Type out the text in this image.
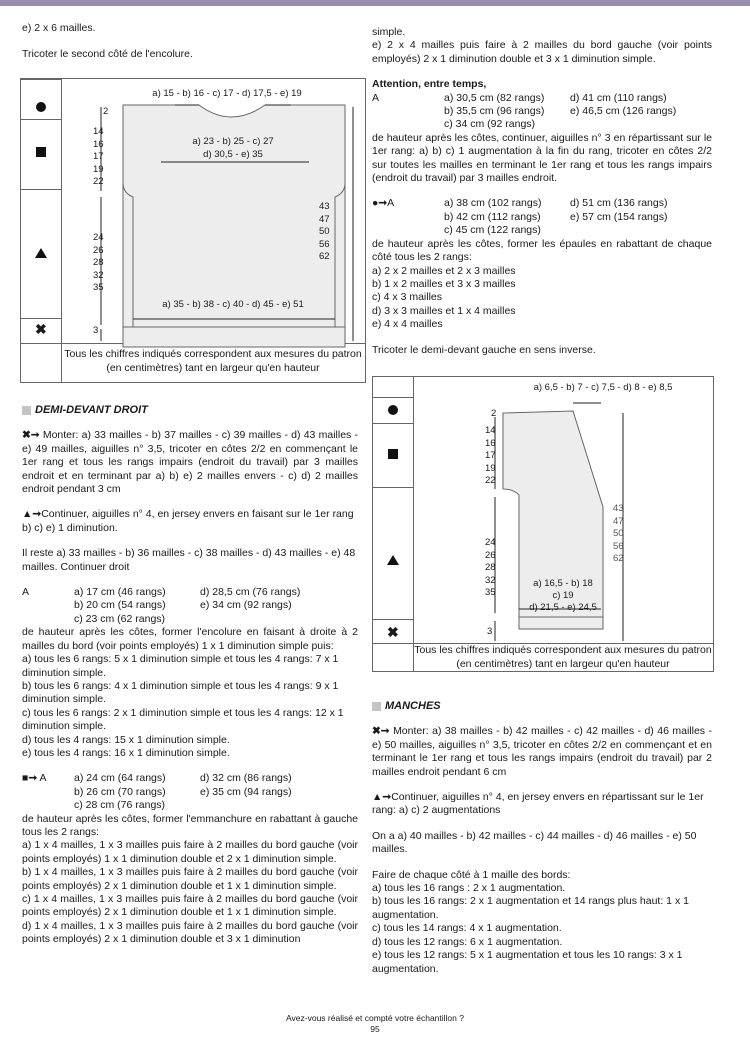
e) 2 x 6 mailles.

Tricoter le second côté de l'encolure.

a) 15 - b) 16 - c) 17 - d) 17,5 - e) 19
2
a) 23 - b) 25 - c) 27
d) 30,5 - e) 35
14
16
17
19
22
24
26
28
32
35
43
47
50
56
62
a) 35 - b) 38 - c) 40 - d) 45 - e) 51
3
✖
Tous les chiffres indiqués correspondent aux mesures du patron (en centimètres) tant en largeur qu'en hauteur
DEMI-DEVANT DROIT

✖➞ Monter: a) 33 mailles - b) 37 mailles - c) 39 mailles - d) 43 mailles - e) 49 mailles, aiguilles n° 3,5, tricoter en côtes 2/2 en commençant le 1er rang et tous les rangs impairs (endroit du travail) par 3 mailles endroit et en terminant par a) b) e) 2 mailles envers - c) d) 2 mailles endroit pendant 3 cm

▲➞Continuer, aiguilles n° 4, en jersey envers en faisant sur le 1er rang b) c) e) 1 diminution.

Il reste a) 33 mailles - b) 36 mailles - c) 38 mailles - d) 43 mailles - e) 48 mailles. Continuer droit

A	a) 17 cm (46 rangs)	d) 28,5 cm (76 rangs)
b) 20 cm (54 rangs)	e) 34 cm (92 rangs)
c) 23 cm (62 rangs)

de hauteur après les côtes, former l'encolure en faisant à droite à 2 mailles du bord (voir points employés) 1 x 1 diminution simple puis:

a) tous les 6 rangs: 5 x 1 diminution simple et tous les 4 rangs: 7 x 1 diminution simple.

b) tous les 6 rangs: 4 x 1 diminution simple et tous les 4 rangs: 9 x 1 diminution simple.

c) tous les 6 rangs: 2 x 1 diminution simple et tous les 4 rangs: 12 x 1 diminution simple.

d) tous les 4 rangs: 15 x 1 diminution simple.

e) tous les 4 rangs: 16 x 1 diminution simple.

■➞ A	a) 24 cm (64 rangs)	d) 32 cm (86 rangs)
b) 26 cm (70 rangs)	e) 35 cm (94 rangs)
c) 28 cm (76 rangs)

de hauteur après les côtes, former l'emmanchure en rabattant à gauche tous les 2 rangs:

a) 1 x 4 mailles, 1 x 3 mailles puis faire à 2 mailles du bord gauche (voir points employés) 1 x 1 diminution double et 2 x 1 diminution simple.

b) 1 x 4 mailles, 1 x 3 mailles puis faire à 2 mailles du bord gauche (voir points employés) 2 x 1 diminution double et 1 x 1 diminution simple.

c) 1 x 4 mailles, 1 x 3 mailles puis faire à 2 mailles du bord gauche (voir points employés) 2 x 1 diminution double et 1 x 1 diminution simple.

d) 1 x 4 mailles, 1 x 3 mailles puis faire à 2 mailles du bord gauche (voir points employés) 2 x 1 diminution double et 3 x 1 diminution

simple.

e) 2 x 4 mailles puis faire à 2 mailles du bord gauche (voir points employés) 2 x 1 diminution double et 3 x 1 diminution simple.

Attention, entre temps,

A	a) 30,5 cm (82 rangs)	d) 41 cm (110 rangs)
b) 35,5 cm (96 rangs)	e) 46,5 cm (126 rangs)
c) 34 cm (92 rangs)

de hauteur après les côtes, continuer, aiguilles n° 3 en répartissant sur le 1er rang: a) b) c) 1 augmentation à la fin du rang, tricoter en côtes 2/2 sur toutes les mailles en terminant le 1er rang et tous les rangs impairs (endroit du travail) par 3 mailles endroit.

●➞A	a) 38 cm (102 rangs)	d) 51 cm (136 rangs)
b) 42 cm (112 rangs)	e) 57 cm (154 rangs)
c) 45 cm (122 rangs)

de hauteur après les côtes, former les épaules en rabattant de chaque côté tous les 2 rangs:

a) 2 x 2 mailles et 2 x 3 mailles

b) 1 x 2 mailles et 3 x 3 mailles

c) 4 x 3 mailles

d) 3 x 3 mailles et 1 x 4 mailles

e) 4 x 4 mailles

Tricoter le demi-devant gauche en sens inverse.

a) 6,5 - b) 7 - c) 7,5 - d) 8 - e) 8,5
2
14
16
17
19
22
24
26
28
32
35
43
47
50
56
62
a) 16,5 - b) 18
c) 19
d) 21,5 - e) 24,5
3
✖
Tous les chiffres indiqués correspondent aux mesures du patron (en centimètres) tant en largeur qu'en hauteur
MANCHES

✖➞ Monter: a) 38 mailles - b) 42 mailles - c) 42 mailles - d) 46 mailles - e) 50 mailles, aiguilles n° 3,5, tricoter en côtes 2/2 en commençant et en terminant le 1er rang et tous les rangs impairs (endroit du travail) par 2 mailles endroit pendant 6 cm

▲➞Continuer, aiguilles n° 4, en jersey envers en répartissant sur le 1er rang: a) c) 2 augmentations

On a a) 40 mailles - b) 42 mailles - c) 44 mailles - d) 46 mailles - e) 50 mailles.

Faire de chaque côté à 1 maille des bords:

a) tous les 16 rangs : 2 x 1 augmentation.

b) tous les 16 rangs: 2 x 1 augmentation et 14 rangs plus haut: 1 x 1 augmentation.

c) tous les 14 rangs: 4 x 1 augmentation.

d) tous les 12 rangs: 6 x 1 augmentation.

e) tous les 12 rangs: 5 x 1 augmentation et tous les 10 rangs: 3 x 1 augmentation.

Avez-vous réalisé et compté votre échantillon ?
95
